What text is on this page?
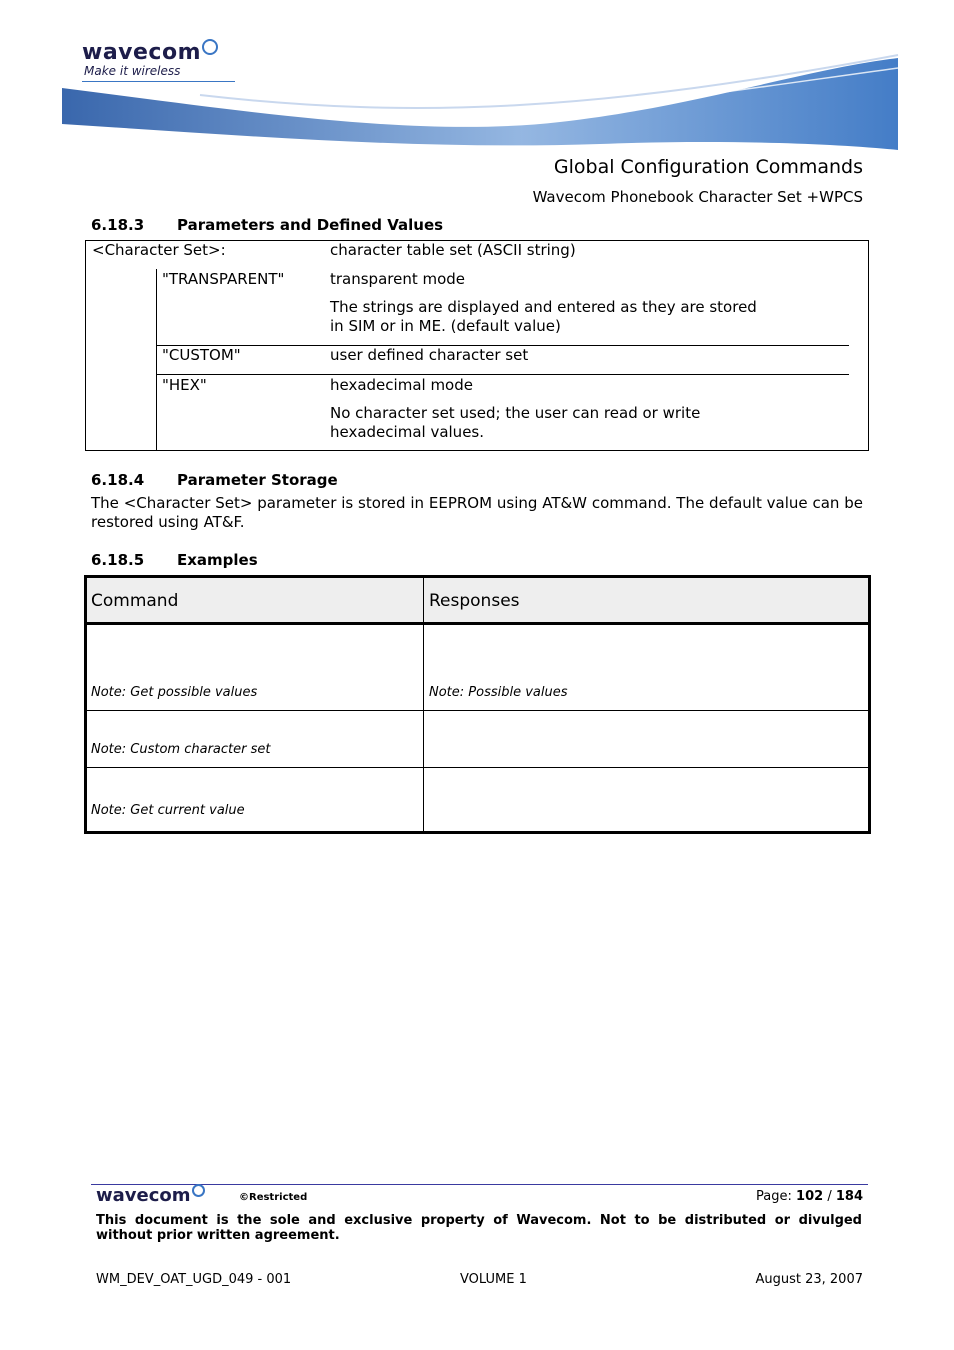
wavecom
Make it wireless
Global Configuration Commands
Wavecom Phonebook Character Set +WPCS
6.18.3 Parameters and Defined Values
<Character Set>:	character table set (ASCII string)
"TRANSPARENT"	transparent mode
The strings are displayed and entered as they are stored
in SIM or in ME. (default value)
"CUSTOM"	user defined character set
"HEX"	hexadecimal mode
No character set used; the user can read or write
hexadecimal values.
6.18.4 Parameter Storage
The <Character Set> parameter is stored in EEPROM using AT&W command. The default value can be restored using AT&F.
6.18.5 Examples
Command	Responses
Note: Get possible values	Note: Possible values
Note: Custom character set
Note: Get current value
wavecom	©Restricted	Page: 102 / 184
This document is the sole and exclusive property of Wavecom. Not to be distributed or divulged without prior written agreement.
WM_DEV_OAT_UGD_049 - 001	VOLUME 1	August 23, 2007
